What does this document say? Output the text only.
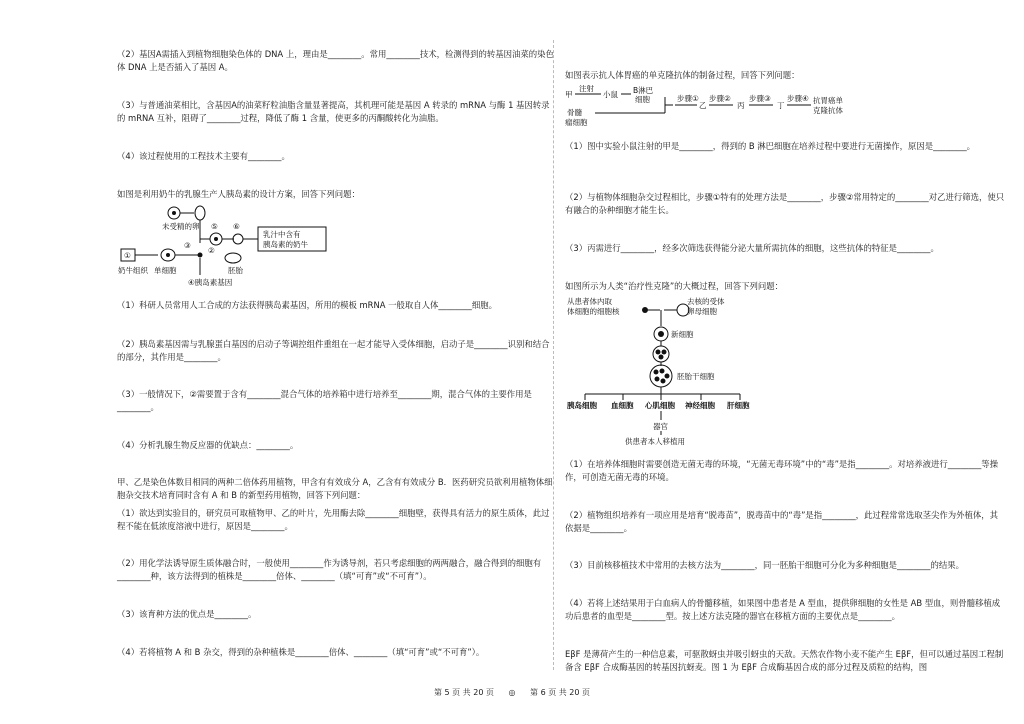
（2）基因A需插入到植物细胞染色体的 DNA 上，理由是________。常用________技术，检测得到的转基因油菜的染色体 DNA 上是否插入了基因 A。
（3）与普通油菜相比，含基因A的油菜籽粒油脂含量显著提高，其机理可能是基因 A 转录的 mRNA 与酶 1 基因转录的 mRNA 互补，阻碍了________过程，降低了酶 1 含量，使更多的丙酮酸转化为油脂。
（4）该过程使用的工程技术主要有________。
如图是利用奶牛的乳腺生产人胰岛素的设计方案，回答下列问题：
（1）科研人员常用人工合成的方法获得胰岛素基因，所用的模板 mRNA 一般取自人体________细胞。
（2）胰岛素基因需与乳腺蛋白基因的启动子等调控组件重组在一起才能导入受体细胞，启动子是________识别和结合的部分，其作用是________。
（3）一般情况下，②需要置于含有________混合气体的培养箱中进行培养至________期，混合气体的主要作用是________。
（4）分析乳腺生物反应器的优缺点：________。
甲、乙是染色体数目相同的两种二倍体药用植物，甲含有有效成分 A，乙含有有效成分 B．医药研究员欲利用植物体细胞杂交技术培育同时含有 A 和 B 的新型药用植物，回答下列问题：
（1）欲达到实验目的，研究员可取植物甲、乙的叶片，先用酶去除________细胞壁，获得具有活力的原生质体，此过程不能在低浓度溶液中进行，原因是________。
（2）用化学法诱导原生质体融合时，一般使用________作为诱导剂，若只考虑细胞的两两融合，融合得到的细胞有________种，该方法得到的植株是________倍体、________（填“可育”或“不可育”）。
（3）该育种方法的优点是________。
（4）若将植物 A 和 B 杂交，得到的杂种植株是________倍体、________（填“可育”或“不可育”）。
如图表示抗人体胃癌的单克隆抗体的制备过程，回答下列问题：
（1）图中实验小鼠注射的甲是________，得到的 B 淋巴细胞在培养过程中要进行无菌操作，原因是________。
（2）与植物体细胞杂交过程相比，步骤①特有的处理方法是________，步骤②常用特定的________对乙进行筛选，使只有融合的杂种细胞才能生长。
（3）丙需进行________，经多次筛选获得能分泌大量所需抗体的细胞，这些抗体的特征是________。
如图所示为人类“治疗性克隆”的大概过程，回答下列问题：
（1）在培养体细胞时需要创造无菌无毒的环境，“无菌无毒环境”中的“毒”是指________。对培养液进行________等操作，可创造无菌无毒的环境。
（2）植物组织培养有一项应用是培育“脱毒苗”，脱毒苗中的“毒”是指________，此过程常常选取茎尖作为外植体，其依据是________。
（3）目前核移植技术中常用的去核方法为________，同一胚胎干细胞可分化为多种细胞是________的结果。
（4）若将上述结果用于白血病人的骨髓移植，如果图中患者是 A 型血，提供卵细胞的女性是 AB 型血，则骨髓移植成功后患者的血型是________型。按上述方法克隆的器官在移植方面的主要优点是________。
EβF 是薄荷产生的一种信息素，可驱散蚜虫并吸引蚜虫的天敌。天然农作物小麦不能产生 EβF，但可以通过基因工程制备含 EβF 合成酶基因的转基因抗蚜麦。图 1 为 EβF 合成酶基因合成的部分过程及质粒的结构，图
未受精的卵
①
奶牛组织 单细胞
④胰岛素基因
⑤ ⑥
②
③
胚胎
乳汁中含有
胰岛素的奶牛
甲
注射
小鼠 B淋巴
细胞
骨髓
瘤细胞
步骤①
乙
步骤②
丙
步骤③
丁
步骤④ 抗胃癌单
克隆抗体
从患者体内取
体细胞的细胞核
去核的受体
卵母细胞
新细胞
胚胎干细胞
胰岛细胞 血细胞 心肌细胞 神经细胞 肝细胞
器官
供患者本人移植用
第 5 页 共 20 页 ◎ 第 6 页 共 20 页
